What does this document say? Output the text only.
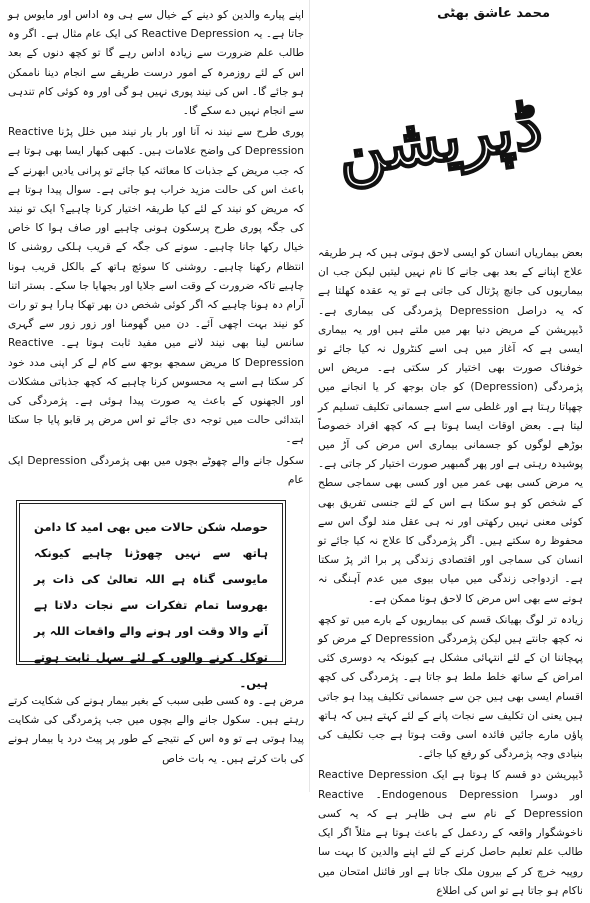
اپنے پیارے والدین کو دینے کے خیال سے ہی وہ اداس اور مایوس ہو جاتا ہے۔ یہ Reactive Depression کی ایک عام مثال ہے۔ اگر وہ طالب علم ضرورت سے زیادہ اداس رہے گا تو کچھ دنوں کے بعد اس کے لئے روزمرہ کے امور درست طریقے سے انجام دینا ناممکن ہو جائے گا۔ اس کی نیند پوری نہیں ہو گی اور وہ کوئی کام تندہی سے انجام نہیں دے سکے گا۔

پوری طرح سے نیند نہ آنا اور بار بار نیند میں خلل پڑنا Reactive Depression کی واضح علامات ہیں۔ کبھی کبھار ایسا بھی ہوتا ہے کہ جب مریض کے جذبات کا معائنہ کیا جائے تو پرانی یادیں ابھرنے کے باعث اس کی حالت مزید خراب ہو جاتی ہے۔ سوال پیدا ہوتا ہے کہ مریض کو نیند کے لئے کیا طریقہ اختیار کرنا چاہیے؟ ایک تو نیند کی جگہ پوری طرح پرسکون ہونی چاہیے اور صاف ہوا کا خاص خیال رکھا جانا چاہیے۔ سونے کی جگہ کے قریب ہلکی روشنی کا انتظام رکھنا چاہیے۔ روشنی کا سوئچ ہاتھ کے بالکل قریب ہونا چاہیے تاکہ ضرورت کے وقت اسے جلایا اور بجھایا جا سکے۔ بستر اتنا آرام دہ ہونا چاہیے کہ اگر کوئی شخص دن بھر تھکا ہارا ہو تو رات کو نیند بہت اچھی آئے۔ دن میں گھومنا اور زور زور سے گہری سانس لینا بھی نیند لانے میں مفید ثابت ہوتا ہے۔ Reactive Depression کا مریض سمجھ بوجھ سے کام لے کر اپنی مدد خود کر سکتا ہے اسے یہ محسوس کرنا چاہیے کہ کچھ جذباتی مشکلات اور الجھنوں کے باعث یہ صورت پیدا ہوئی ہے۔ پژمردگی کی ابتدائی حالت میں توجہ دی جائے تو اس مرض پر قابو پایا جا سکتا ہے۔

سکول جانے والے چھوٹے بچوں میں بھی پژمردگی Depression ایک عام

حوصلہ شکن حالات میں بھی امید کا دامن ہاتھ سے نہیں چھوڑنا چاہیے کیونکہ مایوسی گناہ ہے اللہ تعالیٰ کی ذات پر بھروسا تمام تفکرات سے نجات دلاتا ہے آنے والا وقت اور ہونے والے واقعات اللہ پر توکل کرنے والوں کے لئے سہل ثابت ہوتے ہیں۔

مرض ہے۔ وہ کسی طبی سبب کے بغیر بیمار ہونے کی شکایت کرتے رہتے ہیں۔ سکول جانے والے بچوں میں جب پژمردگی کی شکایت پیدا ہوتی ہے تو وہ اس کے نتیجے کے طور پر پیٹ درد یا بیمار ہونے کی بات کرتے ہیں۔ یہ بات خاص

محمد عاشق بھٹی
ڈپریشن

بعض بیماریاں انسان کو ایسی لاحق ہوتی ہیں کہ ہر طریقہ علاج اپنانے کے بعد بھی جانے کا نام نہیں لیتیں لیکن جب ان بیماریوں کی جانچ پڑتال کی جاتی ہے تو یہ عقدہ کھلتا ہے کہ یہ دراصل Depression پژمردگی کی بیماری ہے۔ ڈیپریشن کے مریض دنیا بھر میں ملتے ہیں اور یہ بیماری ایسی ہے کہ آغاز میں ہی اسے کنٹرول نہ کیا جائے تو خوفناک صورت بھی اختیار کر سکتی ہے۔ مریض اس پژمردگی (Depression) کو جان بوجھ کر یا انجانے میں چھپاتا رہتا ہے اور غلطی سے اسے جسمانی تکلیف تسلیم کر لیتا ہے۔ بعض اوقات ایسا ہوتا ہے کہ کچھ افراد خصوصاً بوڑھے لوگوں کو جسمانی بیماری اس مرض کی آڑ میں پوشیدہ رہتی ہے اور پھر گمبھیر صورت اختیار کر جاتی ہے۔ یہ مرض کسی بھی عمر میں اور کسی بھی سماجی سطح کے شخص کو ہو سکتا ہے اس کے لئے جنسی تفریق بھی کوئی معنی نہیں رکھتی اور نہ ہی عقل مند لوگ اس سے محفوظ رہ سکتے ہیں۔ اگر پژمردگی کا علاج نہ کیا جائے تو انسان کی سماجی اور اقتصادی زندگی پر برا اثر پڑ سکتا ہے۔ ازدواجی زندگی میں میاں بیوی میں عدم آہنگی نہ ہونے سے بھی اس مرض کا لاحق ہونا ممکن ہے۔

زیادہ تر لوگ بھیانک قسم کی بیماریوں کے بارے میں تو کچھ نہ کچھ جانتے ہیں لیکن پژمردگی Depression کے مرض کو پہچاننا ان کے لئے انتہائی مشکل ہے کیونکہ یہ دوسری کئی امراض کے ساتھ خلط ملط ہو جاتا ہے۔ پژمردگی کی کچھ اقسام ایسی بھی ہیں جن سے جسمانی تکلیف پیدا ہو جاتی ہیں یعنی ان تکلیف سے نجات پانے کے لئے کہتے ہیں کہ ہاتھ پاؤں مارے جائیں فائدہ اسی وقت ہوتا ہے جب تکلیف کی بنیادی وجہ پژمردگی کو رفع کیا جائے۔

ڈیپریشن دو قسم کا ہوتا ہے ایک Reactive Depression اور دوسرا Endogenous Depression۔ Reactive Depression کے نام سے ہی ظاہر ہے کہ یہ کسی ناخوشگوار واقعہ کے ردعمل کے باعث ہوتا ہے مثلاً اگر ایک طالب علم تعلیم حاصل کرنے کے لئے اپنے والدین کا بہت سا روپیہ خرچ کر کے بیرون ملک جاتا ہے اور فائنل امتحان میں ناکام ہو جاتا ہے تو اس کی اطلاع
